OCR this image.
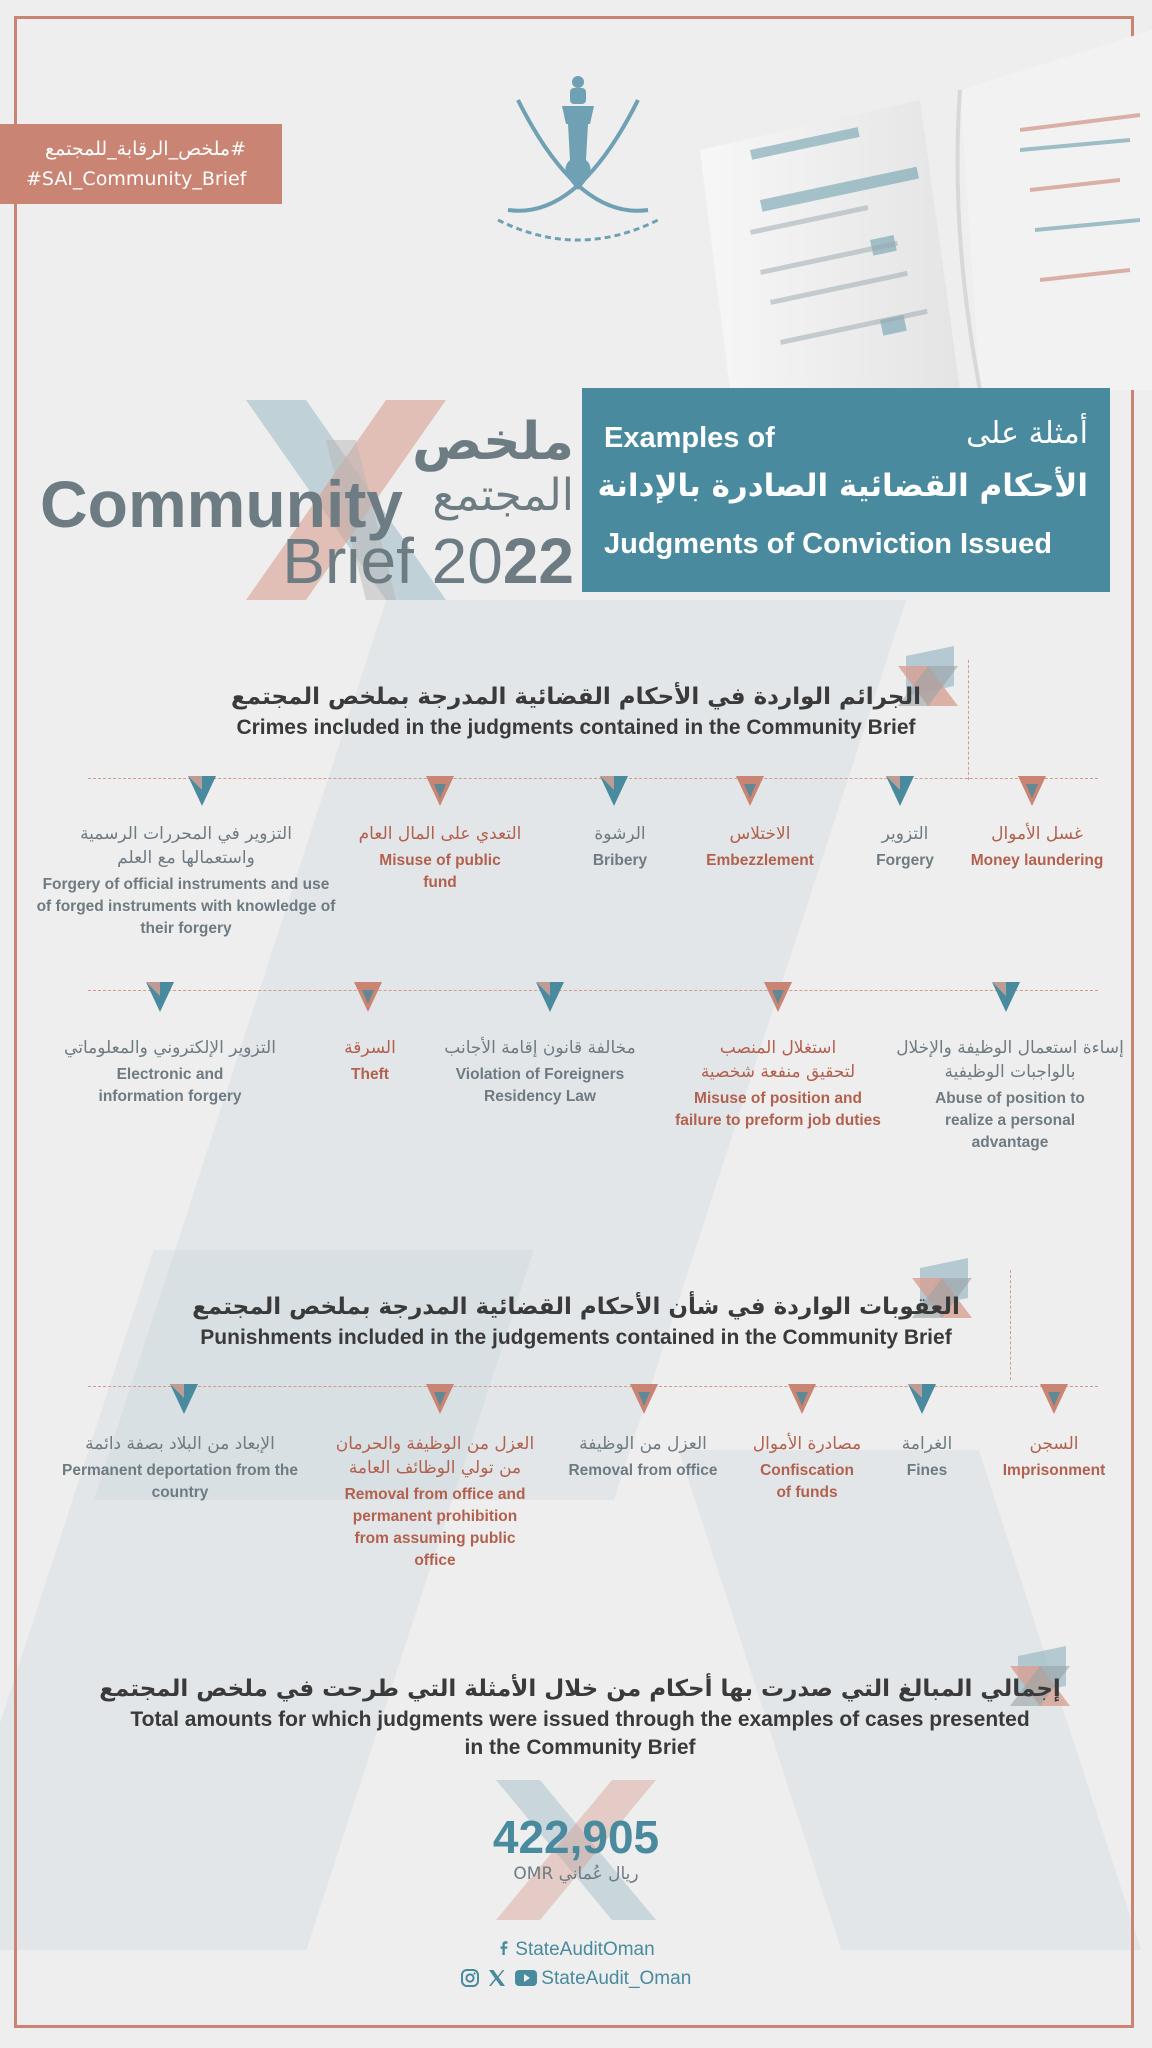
#ملخص_الرقابة_للمجتمع
#SAI_Community_Brief
ملخص
المجتمع
Community
Brief 2022
Examples of	أمثلة على
الأحكام القضائية الصادرة بالإدانة
Judgments of Conviction Issued
الجرائم الواردة في الأحكام القضائية المدرجة بملخص المجتمع
Crimes included in the judgments contained in the Community Brief
غسل الأموال
Money laundering
التزوير
Forgery
الاختلاس
Embezzlement
الرشوة
Bribery
التعدي على المال العام
Misuse of public fund
التزوير في المحررات الرسمية واستعمالها مع العلم
Forgery of official instruments and use of forged instruments with knowledge of their forgery
إساءة استعمال الوظيفة والإخلال بالواجبات الوظيفية
Abuse of position to realize a personal advantage
استغلال المنصب لتحقيق منفعة شخصية
Misuse of position and failure to preform job duties
مخالفة قانون إقامة الأجانب
Violation of Foreigners Residency Law
السرقة
Theft
التزوير الإلكتروني والمعلوماتي
Electronic and information forgery
العقوبات الواردة في شأن الأحكام القضائية المدرجة بملخص المجتمع
Punishments included in the judgements contained in the Community Brief
السجن
Imprisonment
الغرامة
Fines
مصادرة الأموال
Confiscation of funds
العزل من الوظيفة
Removal from office
العزل من الوظيفة والحرمان من تولي الوظائف العامة
Removal from office and permanent prohibition from assuming public office
الإبعاد من البلاد بصفة دائمة
Permanent deportation from the country
إجمالي المبالغ التي صدرت بها أحكام من خلال الأمثلة التي طرحت في ملخص المجتمع
Total amounts for which judgments were issued through the examples of cases presented in the Community Brief
422,905
OMR ريال عُماني
StateAuditOman
StateAudit_Oman
